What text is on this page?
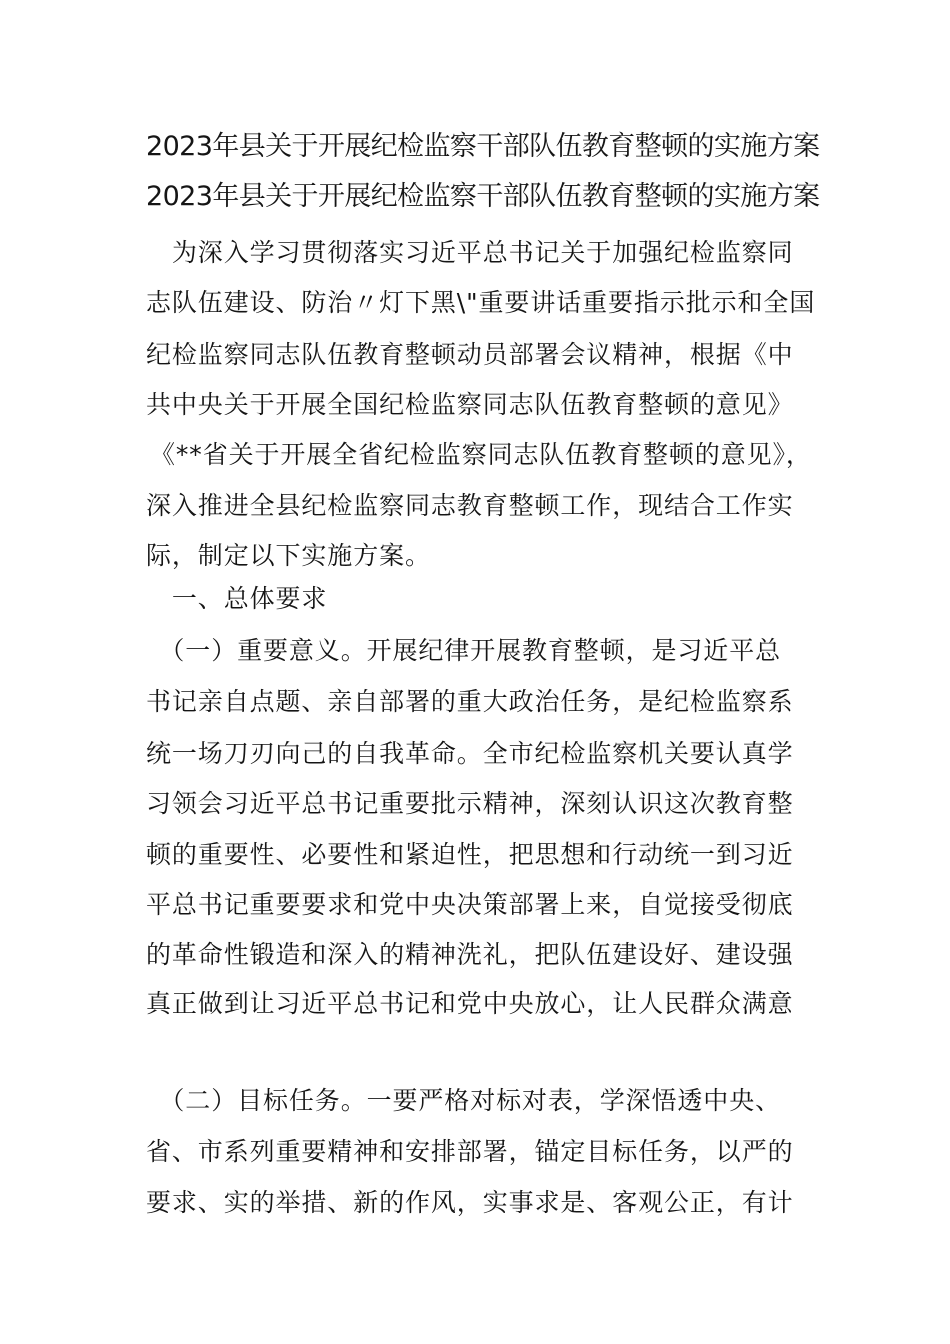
2023年县关于开展纪检监察干部队伍教育整顿的实施方案
2023年县关于开展纪检监察干部队伍教育整顿的实施方案
　为深入学习贯彻落实习近平总书记关于加强纪检监察同
志队伍建设、防治〃灯下黑\"重要讲话重要指示批示和全国
纪检监察同志队伍教育整顿动员部署会议精神，根据《中
共中央关于开展全国纪检监察同志队伍教育整顿的意见》
《**省关于开展全省纪检监察同志队伍教育整顿的意见》，
深入推进全县纪检监察同志教育整顿工作，现结合工作实
际，制定以下实施方案。
　一、总体要求
　（一）重要意义。开展纪律开展教育整顿，是习近平总
书记亲自点题、亲自部署的重大政治任务，是纪检监察系
统一场刀刃向己的自我革命。全市纪检监察机关要认真学
习领会习近平总书记重要批示精神，深刻认识这次教育整
顿的重要性、必要性和紧迫性，把思想和行动统一到习近
平总书记重要要求和党中央决策部署上来，自觉接受彻底
的革命性锻造和深入的精神洗礼，把队伍建设好、建设强
真正做到让习近平总书记和党中央放心，让人民群众满意
　（二）目标任务。一要严格对标对表，学深悟透中央、
省、市系列重要精神和安排部署，锚定目标任务，以严的
要求、实的举措、新的作风，实事求是、客观公正，有计
